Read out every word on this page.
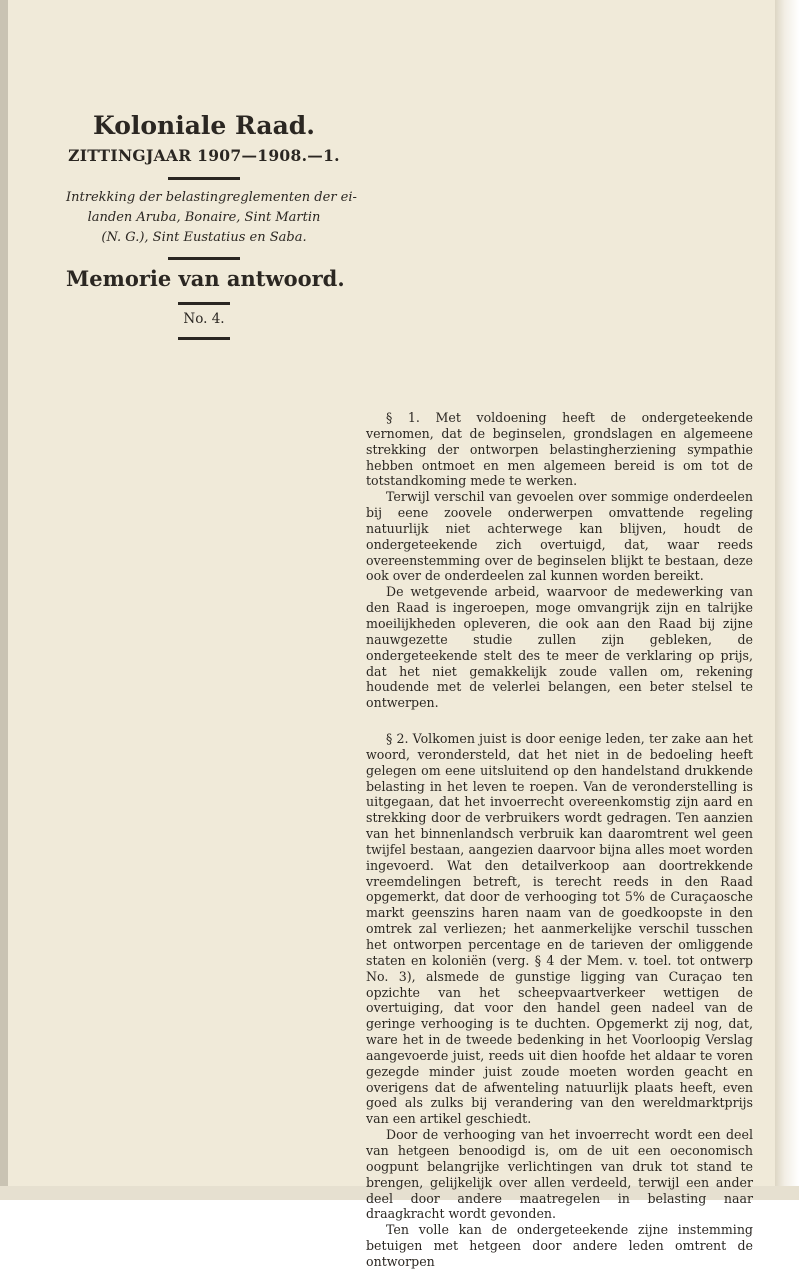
Koloniale Raad.
ZITTINGJAAR 1907—1908.—1.
Intrekking der belastingreglementen der ei-
landen Aruba, Bonaire, Sint Martin
(N. G.), Sint Eustatius en Saba.
Memorie van antwoord.
No. 4.

§ 1. Met voldoening heeft de ondergeteekende vernomen, dat de beginselen, grondslagen en algemeene strekking der ontworpen belastingherziening sympathie hebben ontmoet en men algemeen bereid is om tot de totstandkoming mede te werken.

Terwijl verschil van gevoelen over sommige onderdeelen bij eene zoovele onderwerpen omvattende regeling natuurlijk niet achterwege kan blijven, houdt de ondergeteekende zich overtuigd, dat, waar reeds overeenstemming over de beginselen blijkt te bestaan, deze ook over de onderdeelen zal kunnen worden bereikt.

De wetgevende arbeid, waarvoor de medewerking van den Raad is ingeroepen, moge omvangrijk zijn en talrijke moeilijkheden opleveren, die ook aan den Raad bij zijne nauwgezette studie zullen zijn gebleken, de ondergeteekende stelt des te meer de verklaring op prijs, dat het niet gemakkelijk zoude vallen om, rekening houdende met de velerlei belangen, een beter stelsel te ontwerpen.

§ 2. Volkomen juist is door eenige leden, ter zake aan het woord, verondersteld, dat het niet in de bedoeling heeft gelegen om eene uitsluitend op den handelstand drukkende belasting in het leven te roepen. Van de veronderstelling is uitgegaan, dat het invoerrecht overeenkomstig zijn aard en strekking door de verbruikers wordt gedragen. Ten aanzien van het binnenlandsch verbruik kan daaromtrent wel geen twijfel bestaan, aangezien daarvoor bijna alles moet worden ingevoerd. Wat den detailverkoop aan doortrekkende vreemdelingen betreft, is terecht reeds in den Raad opgemerkt, dat door de verhooging tot 5% de Curaçaosche markt geenszins haren naam van de goedkoopste in den omtrek zal verliezen; het aanmerkelijke verschil tusschen het ontworpen percentage en de tarieven der omliggende staten en koloniën (verg. § 4 der Mem. v. toel. tot ontwerp No. 3), alsmede de gunstige ligging van Curaçao ten opzichte van het scheepvaartverkeer wettigen de overtuiging, dat voor den handel geen nadeel van de geringe verhooging is te duchten. Opgemerkt zij nog, dat, ware het in de tweede bedenking in het Voorloopig Verslag aangevoerde juist, reeds uit dien hoofde het aldaar te voren gezegde minder juist zoude moeten worden geacht en overigens dat de afwenteling natuurlijk plaats heeft, even goed als zulks bij verandering van den wereldmarktprijs van een artikel geschiedt.

Door de verhooging van het invoerrecht wordt een deel van hetgeen benoodigd is, om de uit een oeconomisch oogpunt belangrijke verlichtingen van druk tot stand te brengen, gelijkelijk over allen verdeeld, terwijl een ander deel door andere maatregelen in belasting naar draagkracht wordt gevonden.

Ten volle kan de ondergeteekende zijne instemming betuigen met hetgeen door andere leden omtrent de ontworpen
